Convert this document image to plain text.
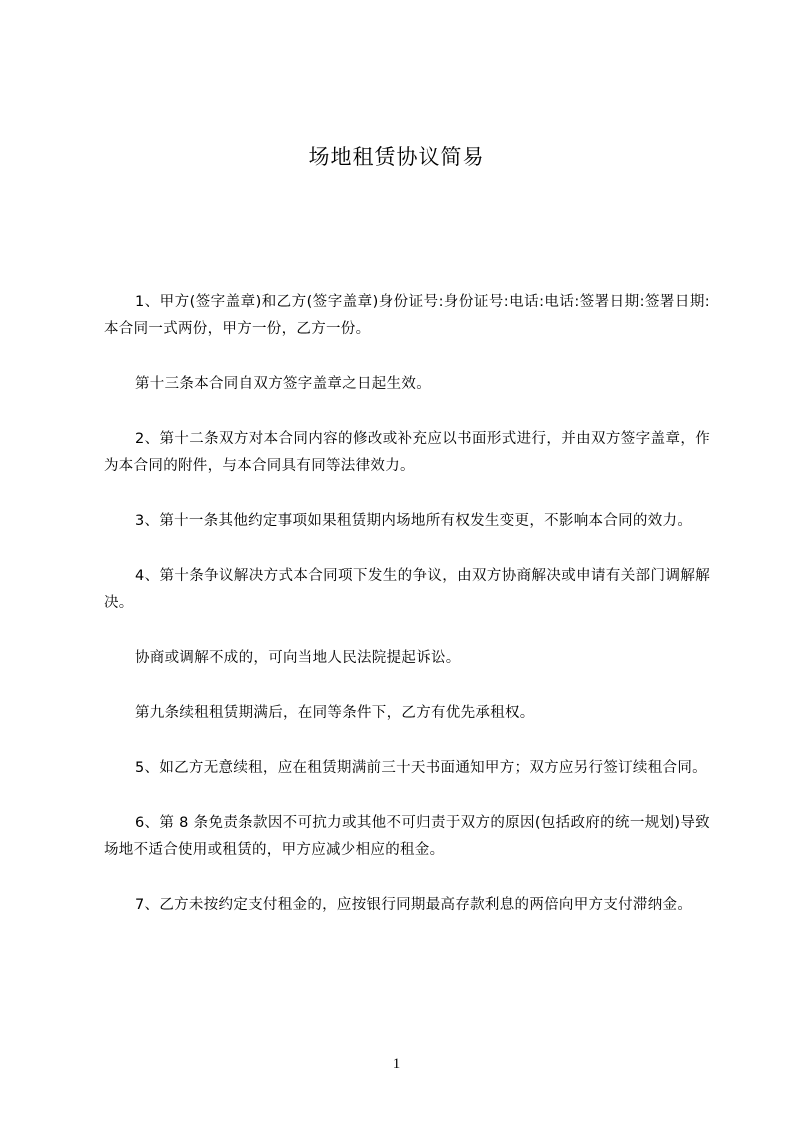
场地租赁协议简易

1、甲方(签字盖章)和乙方(签字盖章)身份证号:身份证号:电话:电话:签署日期:签署日期:本合同一式两份，甲方一份，乙方一份。

第十三条本合同自双方签字盖章之日起生效。

2、第十二条双方对本合同内容的修改或补充应以书面形式进行，并由双方签字盖章，作为本合同的附件，与本合同具有同等法律效力。

3、第十一条其他约定事项如果租赁期内场地所有权发生变更，不影响本合同的效力。

4、第十条争议解决方式本合同项下发生的争议，由双方协商解决或申请有关部门调解解决。

协商或调解不成的，可向当地人民法院提起诉讼。

第九条续租租赁期满后，在同等条件下，乙方有优先承租权。

5、如乙方无意续租，应在租赁期满前三十天书面通知甲方；双方应另行签订续租合同。

6、第 8 条免责条款因不可抗力或其他不可归责于双方的原因(包括政府的统一规划)导致场地不适合使用或租赁的，甲方应减少相应的租金。

7、乙方未按约定支付租金的，应按银行同期最高存款利息的两倍向甲方支付滞纳金。

1
